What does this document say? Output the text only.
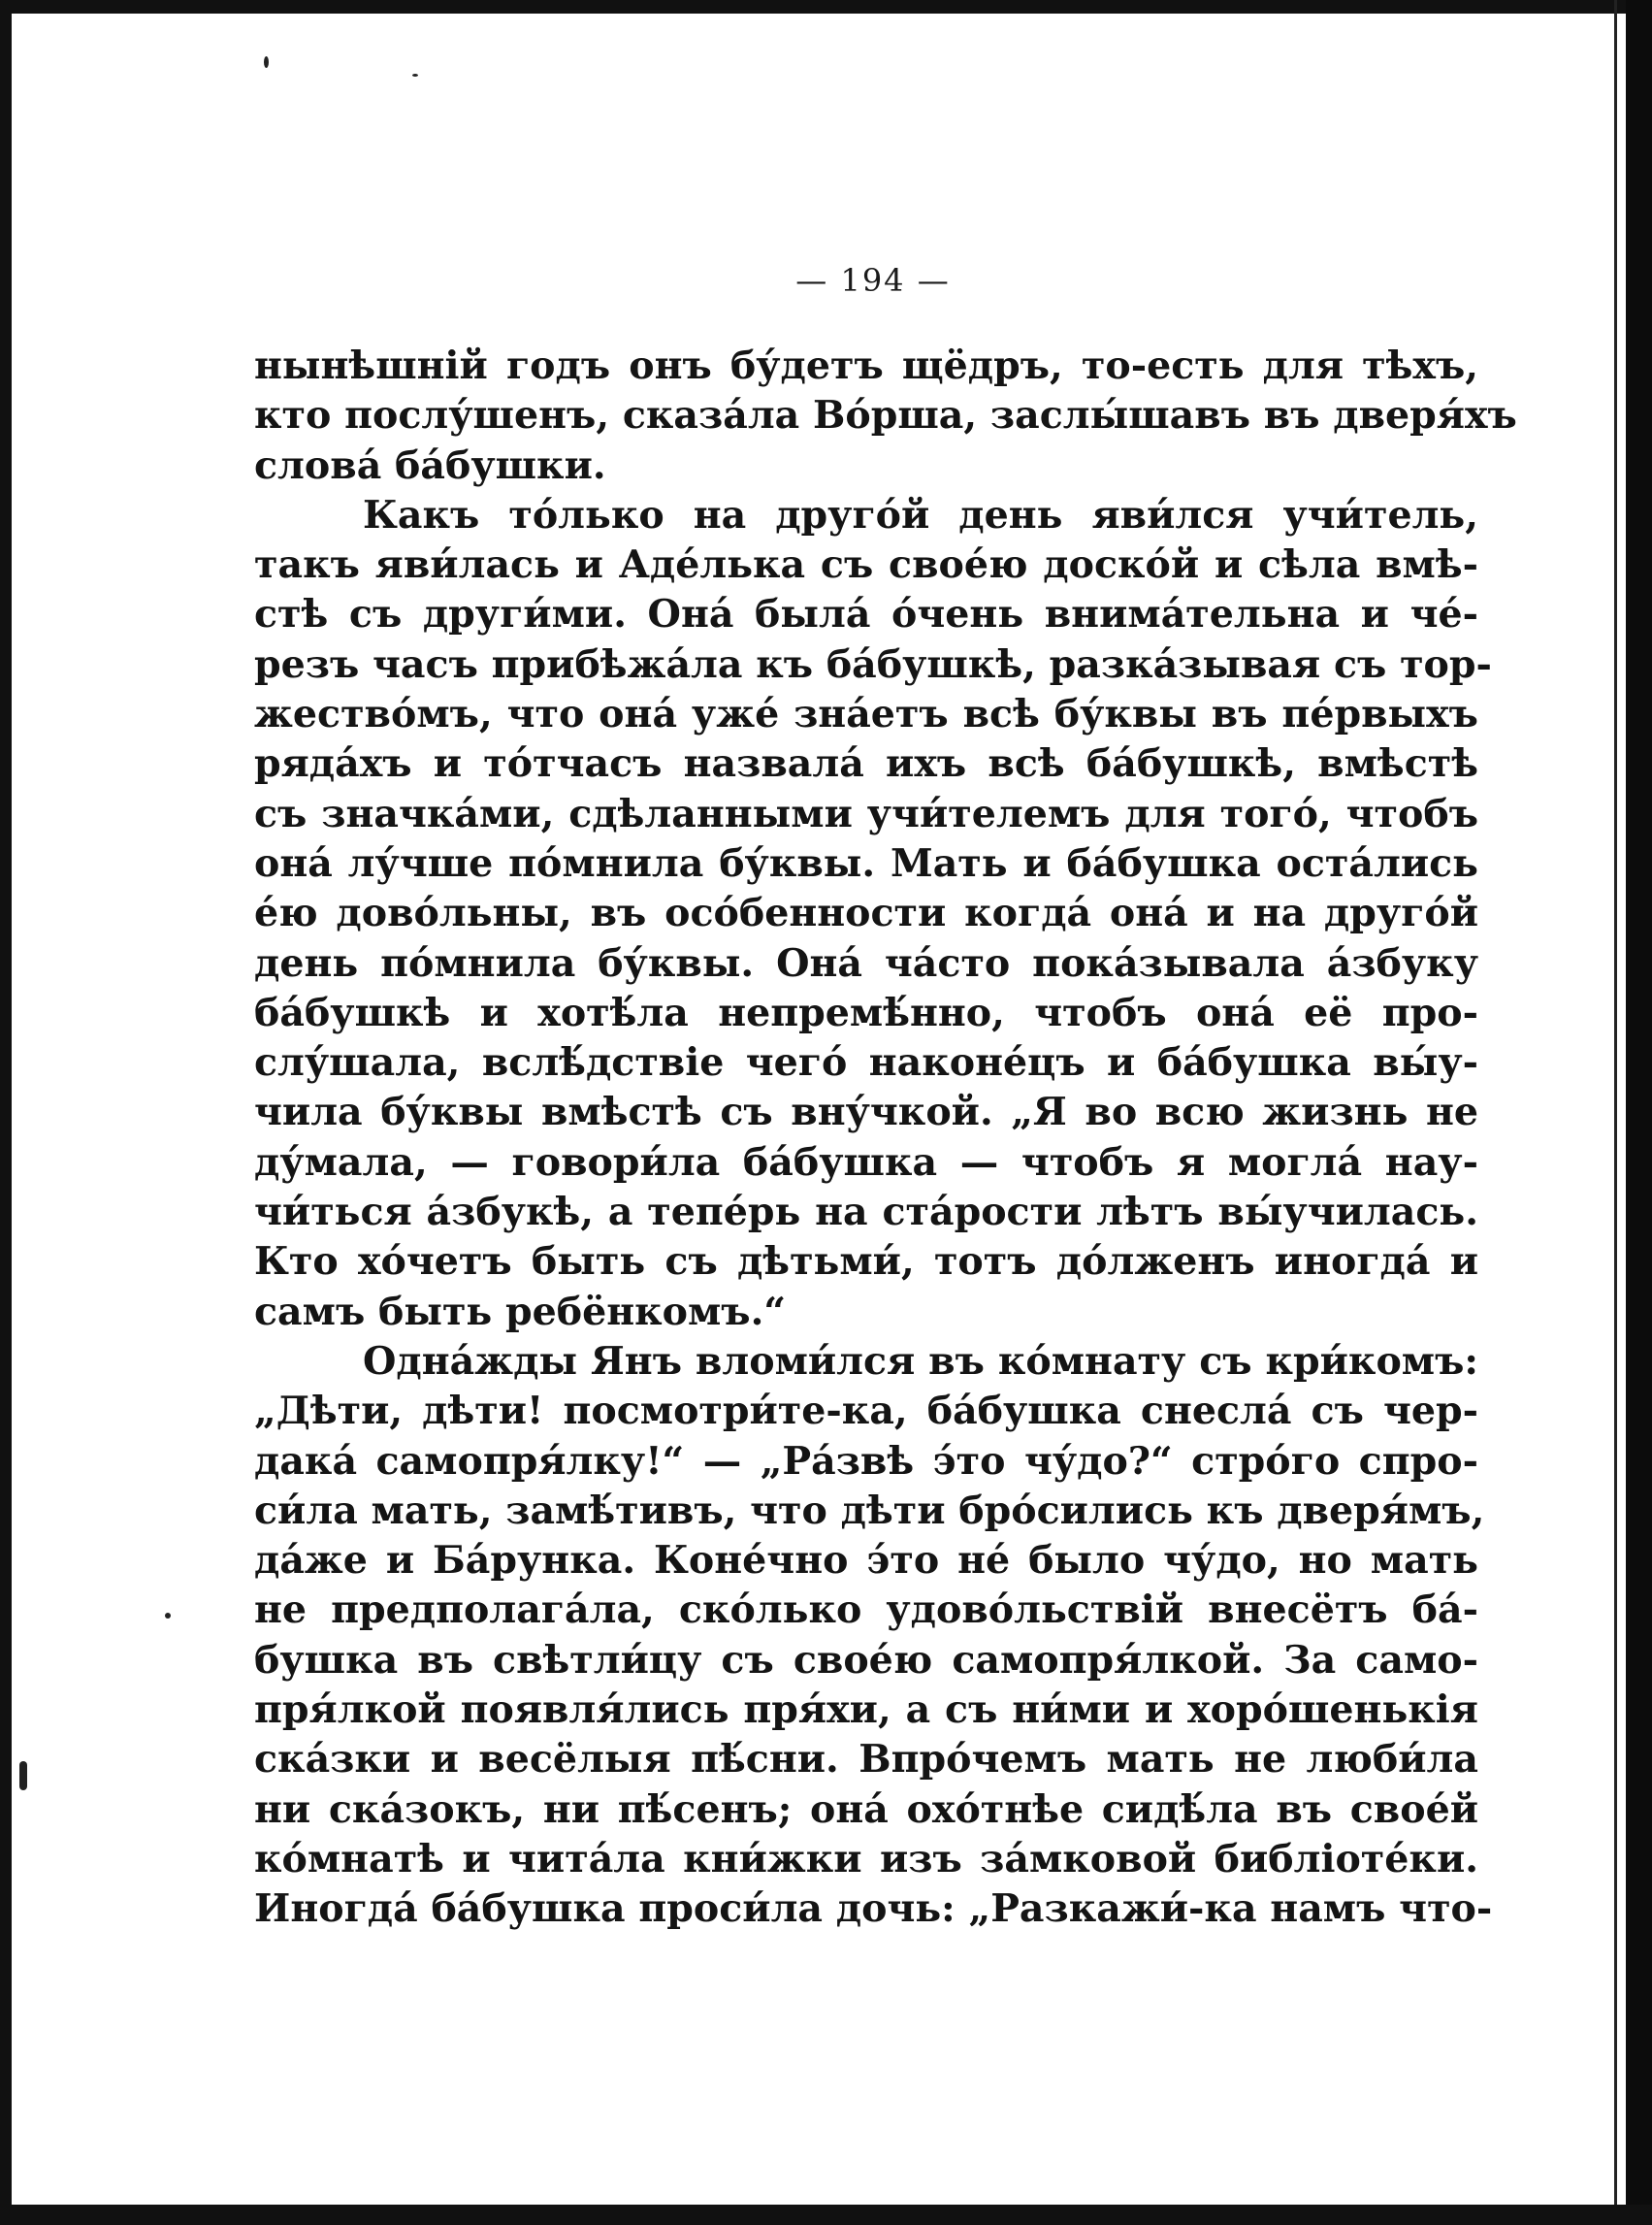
— 194 —
нынѣшній годъ онъ бу́детъ щёдръ, то-есть для тѣхъ,
кто послу́шенъ, сказа́ла Во́рша, заслы́шавъ въ дверя́хъ
слова́ ба́бушки.
Какъ то́лько на друго́й день яви́лся учи́тель,
такъ яви́лась и Аде́лька съ свое́ю доско́й и сѣла вмѣ-
стѣ съ други́ми. Она́ была́ о́чень внима́тельна и че́-
резъ часъ прибѣжа́ла къ ба́бушкѣ, разка́зывая съ тор-
жество́мъ, что она́ уже́ зна́етъ всѣ бу́квы въ пе́рвыхъ
ряда́хъ и то́тчасъ назвала́ ихъ всѣ ба́бушкѣ, вмѣстѣ
съ значка́ми, сдѣланными учи́телемъ для того́, чтобъ
она́ лу́чше по́мнила бу́квы. Мать и ба́бушка оста́лись
е́ю дово́льны, въ осо́бенности когда́ она́ и на друго́й
день по́мнила бу́квы. Она́ ча́сто пока́зывала а́збуку
ба́бушкѣ и хотѣ́ла непремѣ́нно, чтобъ она́ её про-
слу́шала, вслѣ́дствіе чего́ наконе́цъ и ба́бушка вы́у-
чила бу́квы вмѣстѣ съ вну́чкой. „Я во всю жизнь не
ду́мала, — говори́ла ба́бушка — чтобъ я могла́ нау-
чи́ться а́збукѣ, а тепе́рь на ста́рости лѣтъ вы́училась.
Кто хо́четъ быть съ дѣтьми́, тотъ до́лженъ иногда́ и
самъ быть ребёнкомъ.“
Одна́жды Янъ вломи́лся въ ко́мнату съ кри́комъ:
„Дѣти, дѣти! посмотри́те-ка, ба́бушка снесла́ съ чер-
дака́ самопря́лку!“ — „Ра́звѣ э́то чу́до?“ стро́го спро-
си́ла мать, замѣ́тивъ, что дѣти бро́сились къ дверя́мъ,
да́же и Ба́рунка. Коне́чно э́то не́ было чу́до, но мать
не предполага́ла, ско́лько удово́льствій внесётъ ба́-
бушка въ свѣтли́цу съ свое́ю самопря́лкой. За само-
пря́лкой появля́лись пря́хи, а съ ни́ми и хоро́шенькія
ска́зки и весёлыя пѣ́сни. Впро́чемъ мать не люби́ла
ни ска́зокъ, ни пѣ́сенъ; она́ охо́тнѣе сидѣ́ла въ свое́й
ко́мнатѣ и чита́ла кни́жки изъ за́мковой библіоте́ки.
Иногда́ ба́бушка проси́ла дочь: „Разкажи́-ка намъ что-
